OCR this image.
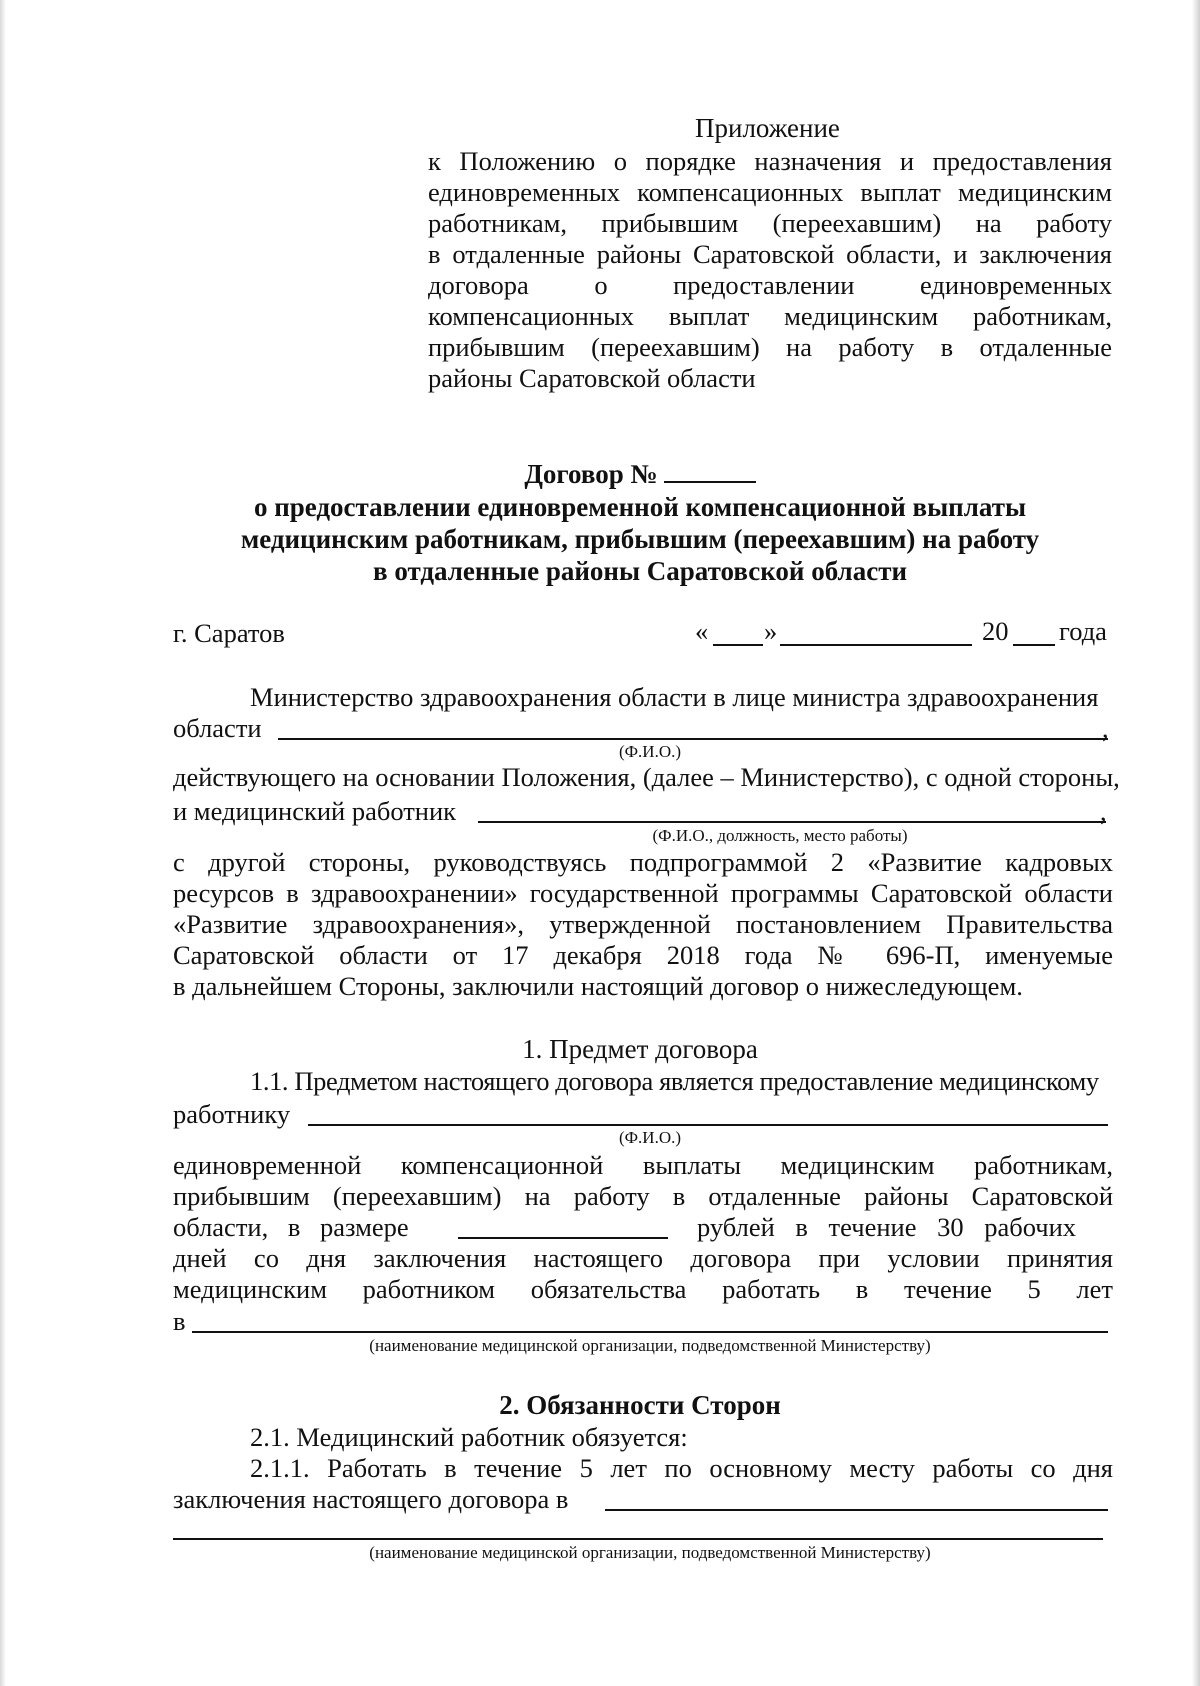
Приложение
к Положению о порядке назначения и предоставления
единовременных компенсационных выплат медицинским
работникам, прибывшим (переехавшим) на работу
в отдаленные районы Саратовской области, и заключения
договора о предоставлении единовременных
компенсационных выплат медицинским работникам,
прибывшим (переехавшим) на работу в отдаленные
районы Саратовской области
Договор №
о предоставлении единовременной компенсационной выплаты
медицинским работникам, прибывшим (переехавшим) на работу
в отдаленные районы Саратовской области
г. Саратов	« »	20 года
Министерство здравоохранения области в лице министра здравоохранения
области	,
(Ф.И.О.)
действующего на основании Положения, (далее – Министерство), с одной стороны,
и медицинский работник	,
(Ф.И.О., должность, место работы)
с другой стороны, руководствуясь подпрограммой 2 «Развитие кадровых
ресурсов в здравоохранении» государственной программы Саратовской области
«Развитие здравоохранения», утвержденной постановлением Правительства
Саратовской области от 17 декабря 2018 года № 696-П, именуемые
в дальнейшем Стороны, заключили настоящий договор о нижеследующем.
1. Предмет договора
1.1. Предметом настоящего договора является предоставление медицинскому
работнику
(Ф.И.О.)
единовременной компенсационной выплаты медицинским работникам,
прибывшим (переехавшим) на работу в отдаленные районы Саратовской
области, в размере	рублей в течение 30 рабочих
дней со дня заключения настоящего договора при условии принятия
медицинским работником обязательства работать в течение 5 лет
в
(наименование медицинской организации, подведомственной Министерству)
2. Обязанности Сторон
2.1. Медицинский работник обязуется:
2.1.1. Работать в течение 5 лет по основному месту работы со дня
заключения настоящего договора в
(наименование медицинской организации, подведомственной Министерству)
